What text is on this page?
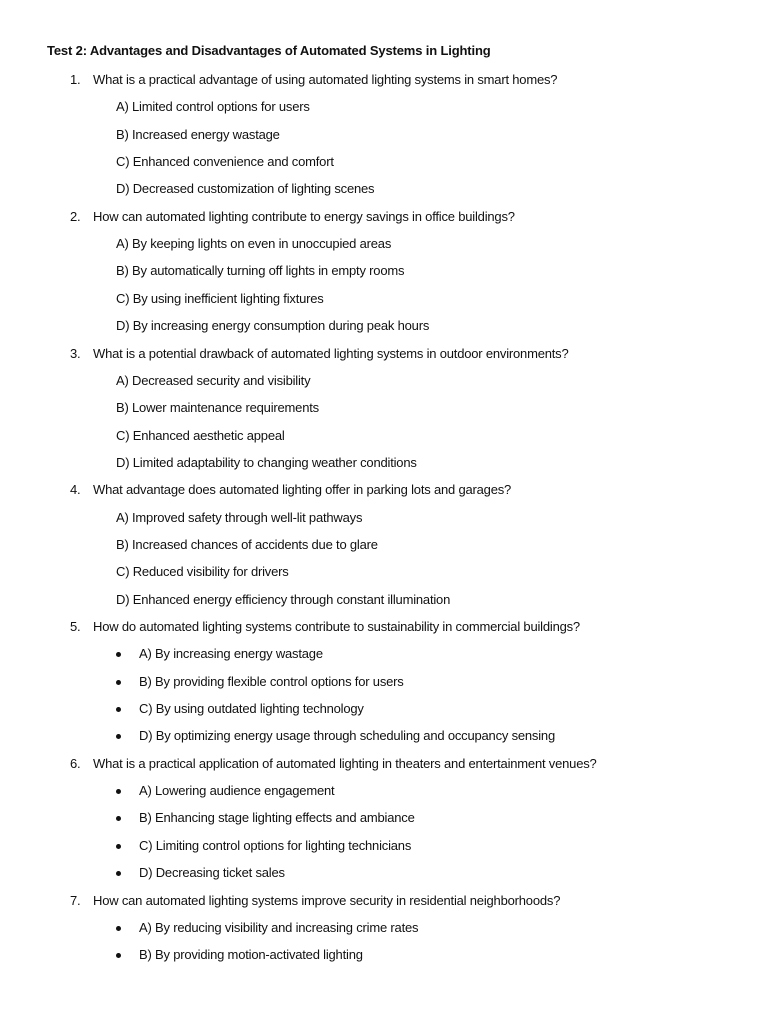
Test 2: Advantages and Disadvantages of Automated Systems in Lighting
1. What is a practical advantage of using automated lighting systems in smart homes?
A) Limited control options for users
B) Increased energy wastage
C) Enhanced convenience and comfort
D) Decreased customization of lighting scenes
2. How can automated lighting contribute to energy savings in office buildings?
A) By keeping lights on even in unoccupied areas
B) By automatically turning off lights in empty rooms
C) By using inefficient lighting fixtures
D) By increasing energy consumption during peak hours
3. What is a potential drawback of automated lighting systems in outdoor environments?
A) Decreased security and visibility
B) Lower maintenance requirements
C) Enhanced aesthetic appeal
D) Limited adaptability to changing weather conditions
4. What advantage does automated lighting offer in parking lots and garages?
A) Improved safety through well-lit pathways
B) Increased chances of accidents due to glare
C) Reduced visibility for drivers
D) Enhanced energy efficiency through constant illumination
5. How do automated lighting systems contribute to sustainability in commercial buildings?
A) By increasing energy wastage
B) By providing flexible control options for users
C) By using outdated lighting technology
D) By optimizing energy usage through scheduling and occupancy sensing
6. What is a practical application of automated lighting in theaters and entertainment venues?
A) Lowering audience engagement
B) Enhancing stage lighting effects and ambiance
C) Limiting control options for lighting technicians
D) Decreasing ticket sales
7. How can automated lighting systems improve security in residential neighborhoods?
A) By reducing visibility and increasing crime rates
B) By providing motion-activated lighting
